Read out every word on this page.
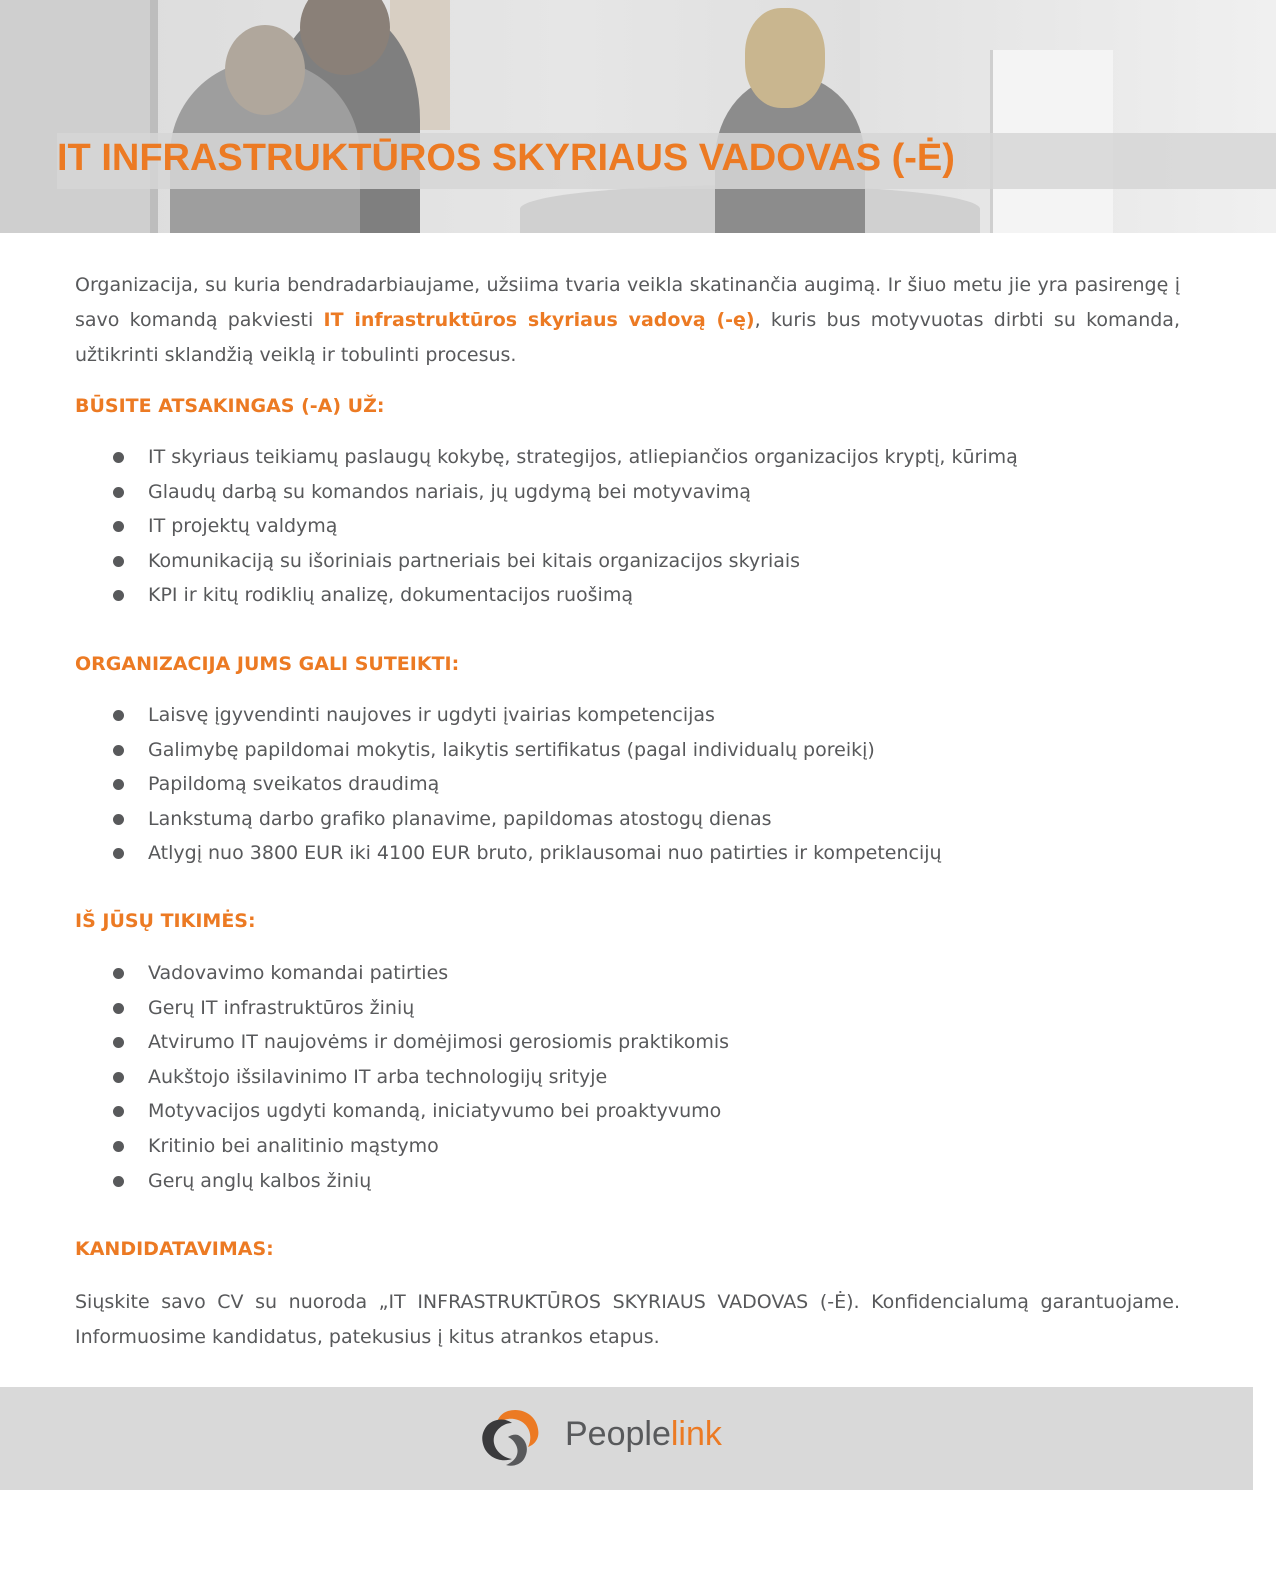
IT INFRASTRUKTŪROS SKYRIAUS VADOVAS (-Ė)

Organizacija, su kuria bendradarbiaujame, užsiima tvaria veikla skatinančia augimą. Ir šiuo metu jie yra pasirengę į savo komandą pakviesti IT infrastruktūros skyriaus vadovą (-ę), kuris bus motyvuotas dirbti su komanda, užtikrinti sklandžią veiklą ir tobulinti procesus.

BŪSITE ATSAKINGAS (-A) UŽ:
IT skyriaus teikiamų paslaugų kokybę, strategijos, atliepiančios organizacijos kryptį, kūrimą
Glaudų darbą su komandos nariais, jų ugdymą bei motyvavimą
IT projektų valdymą
Komunikaciją su išoriniais partneriais bei kitais organizacijos skyriais
KPI ir kitų rodiklių analizę, dokumentacijos ruošimą
ORGANIZACIJA JUMS GALI SUTEIKTI:
Laisvę įgyvendinti naujoves ir ugdyti įvairias kompetencijas
Galimybę papildomai mokytis, laikytis sertifikatus (pagal individualų poreikį)
Papildomą sveikatos draudimą
Lankstumą darbo grafiko planavime, papildomas atostogų dienas
Atlygį nuo 3800 EUR iki 4100 EUR bruto, priklausomai nuo patirties ir kompetencijų
IŠ JŪSŲ TIKIMĖS:
Vadovavimo komandai patirties
Gerų IT infrastruktūros žinių
Atvirumo IT naujovėms ir domėjimosi gerosiomis praktikomis
Aukštojo išsilavinimo IT arba technologijų srityje
Motyvacijos ugdyti komandą, iniciatyvumo bei proaktyvumo
Kritinio bei analitinio mąstymo
Gerų anglų kalbos žinių
KANDIDATAVIMAS:

Siųskite savo CV su nuoroda „IT INFRASTRUKTŪROS SKYRIAUS VADOVAS (-Ė). Konfidencialumą garantuojame. Informuosime kandidatus, patekusius į kitus atrankos etapus.

Peoplelink
